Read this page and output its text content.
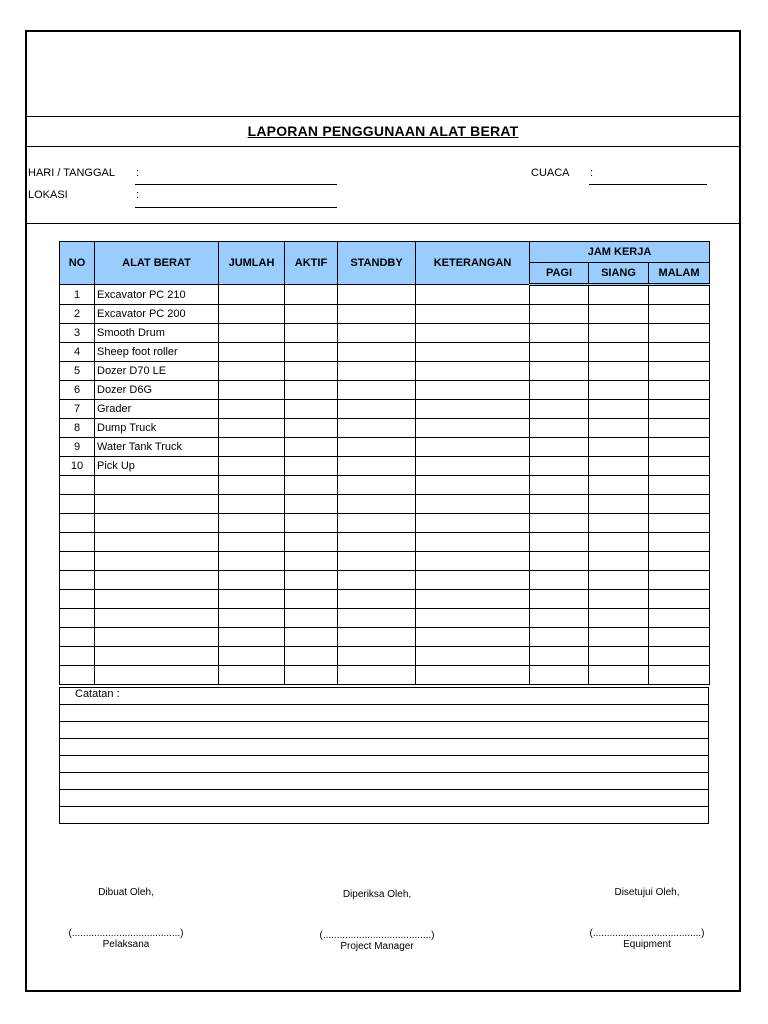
LAPORAN PENGGUNAAN ALAT BERAT
HARI / TANGGAL :
LOKASI	:
CUACA :
NO	ALAT BERAT	JUMLAH	AKTIF	STANDBY	KETERANGAN	JAM KERJA		
						PAGI	SIANG	MALAM
1	Excavator PC 210							
2	Excavator PC 200							
3	Smooth Drum							
4	Sheep foot roller							
5	Dozer D70 LE							
6	Dozer D6G							
7	Grader							
8	Dump Truck							
9	Water Tank Truck							
10	Pick Up							

Catatan :

Dibuat Oleh,
(.......................................)
Pelaksana
Diperiksa Oleh,
(.......................................)
Project Manager
Disetujui Oleh,
(.......................................)
Equipment
